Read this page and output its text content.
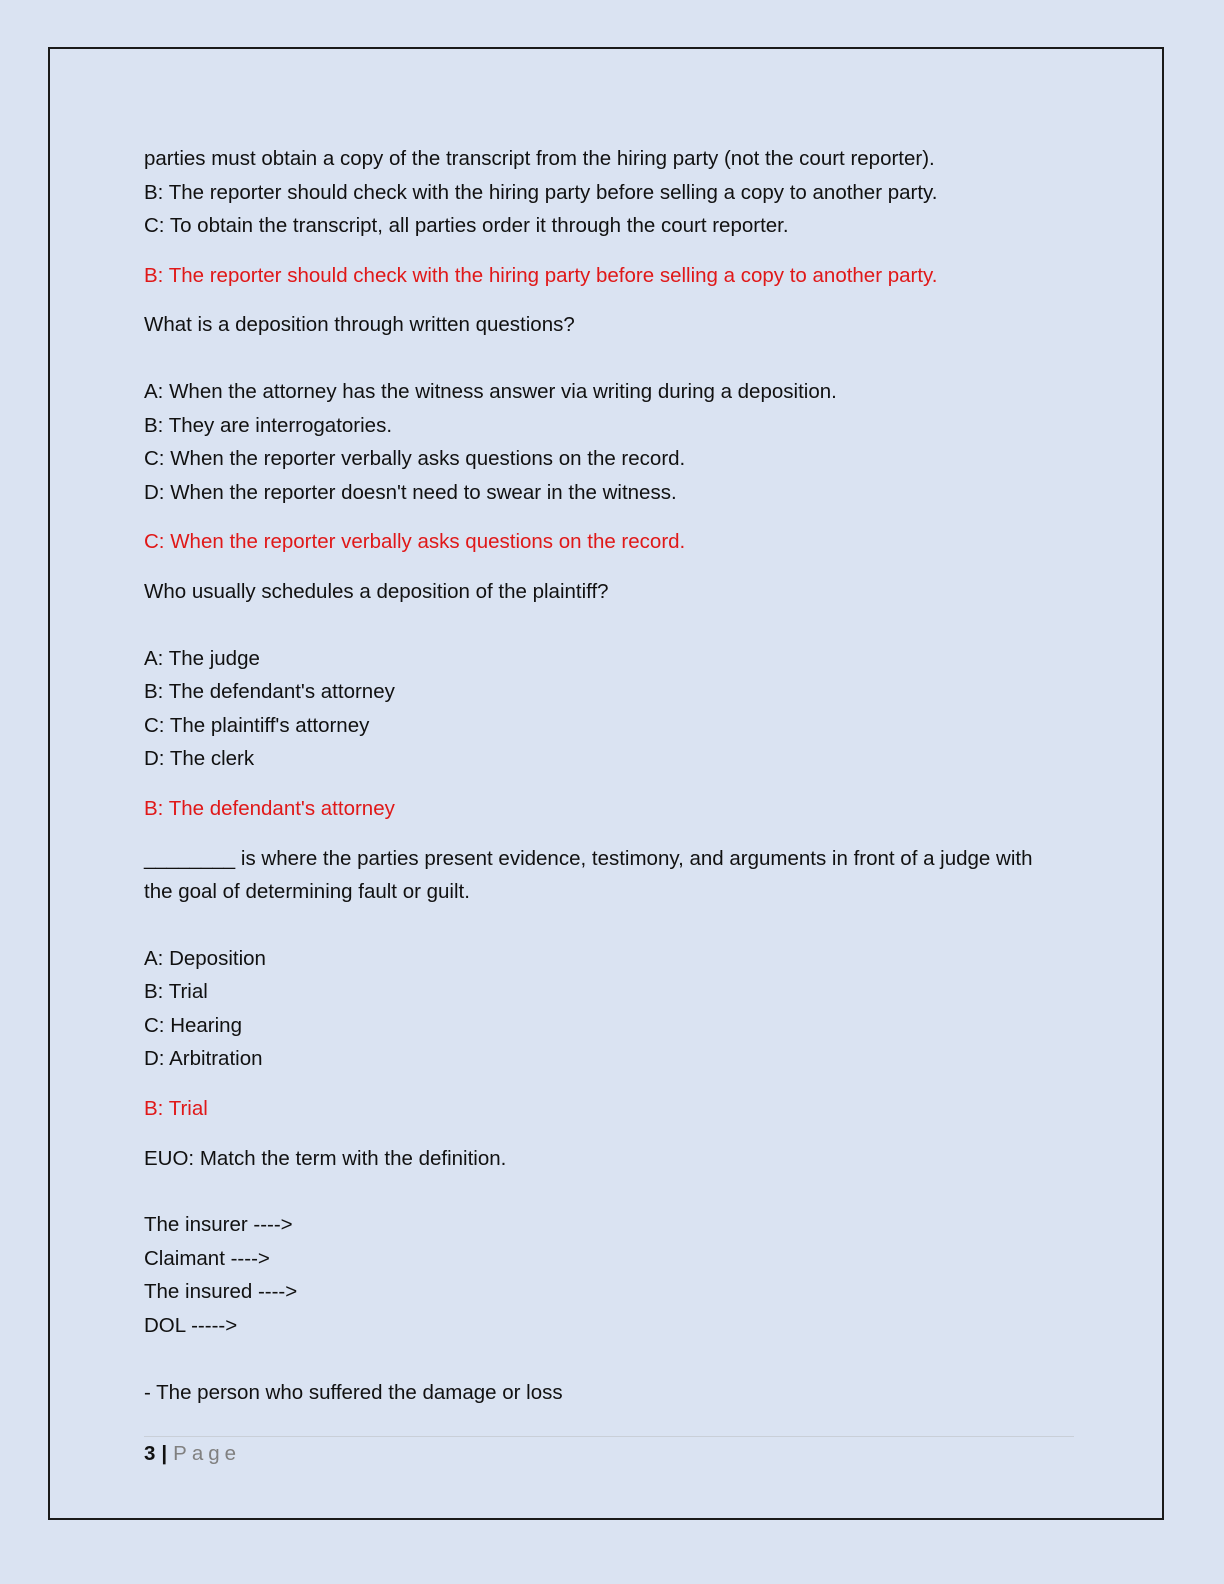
parties must obtain a copy of the transcript from the hiring party (not the court reporter).
B: The reporter should check with the hiring party before selling a copy to another party.
C: To obtain the transcript, all parties order it through the court reporter.
B: The reporter should check with the hiring party before selling a copy to another party.
What is a deposition through written questions?
A: When the attorney has the witness answer via writing during a deposition.
B: They are interrogatories.
C: When the reporter verbally asks questions on the record.
D: When the reporter doesn't need to swear in the witness.
C: When the reporter verbally asks questions on the record.
Who usually schedules a deposition of the plaintiff?
A: The judge
B: The defendant's attorney
C: The plaintiff's attorney
D: The clerk
B: The defendant's attorney
________ is where the parties present evidence, testimony, and arguments in front of a judge with the goal of determining fault or guilt.
A: Deposition
B: Trial
C: Hearing
D: Arbitration
B: Trial
EUO: Match the term with the definition.
The insurer ---->
Claimant ---->
The insured ---->
DOL ----->
- The person who suffered the damage or loss
3 | Page
